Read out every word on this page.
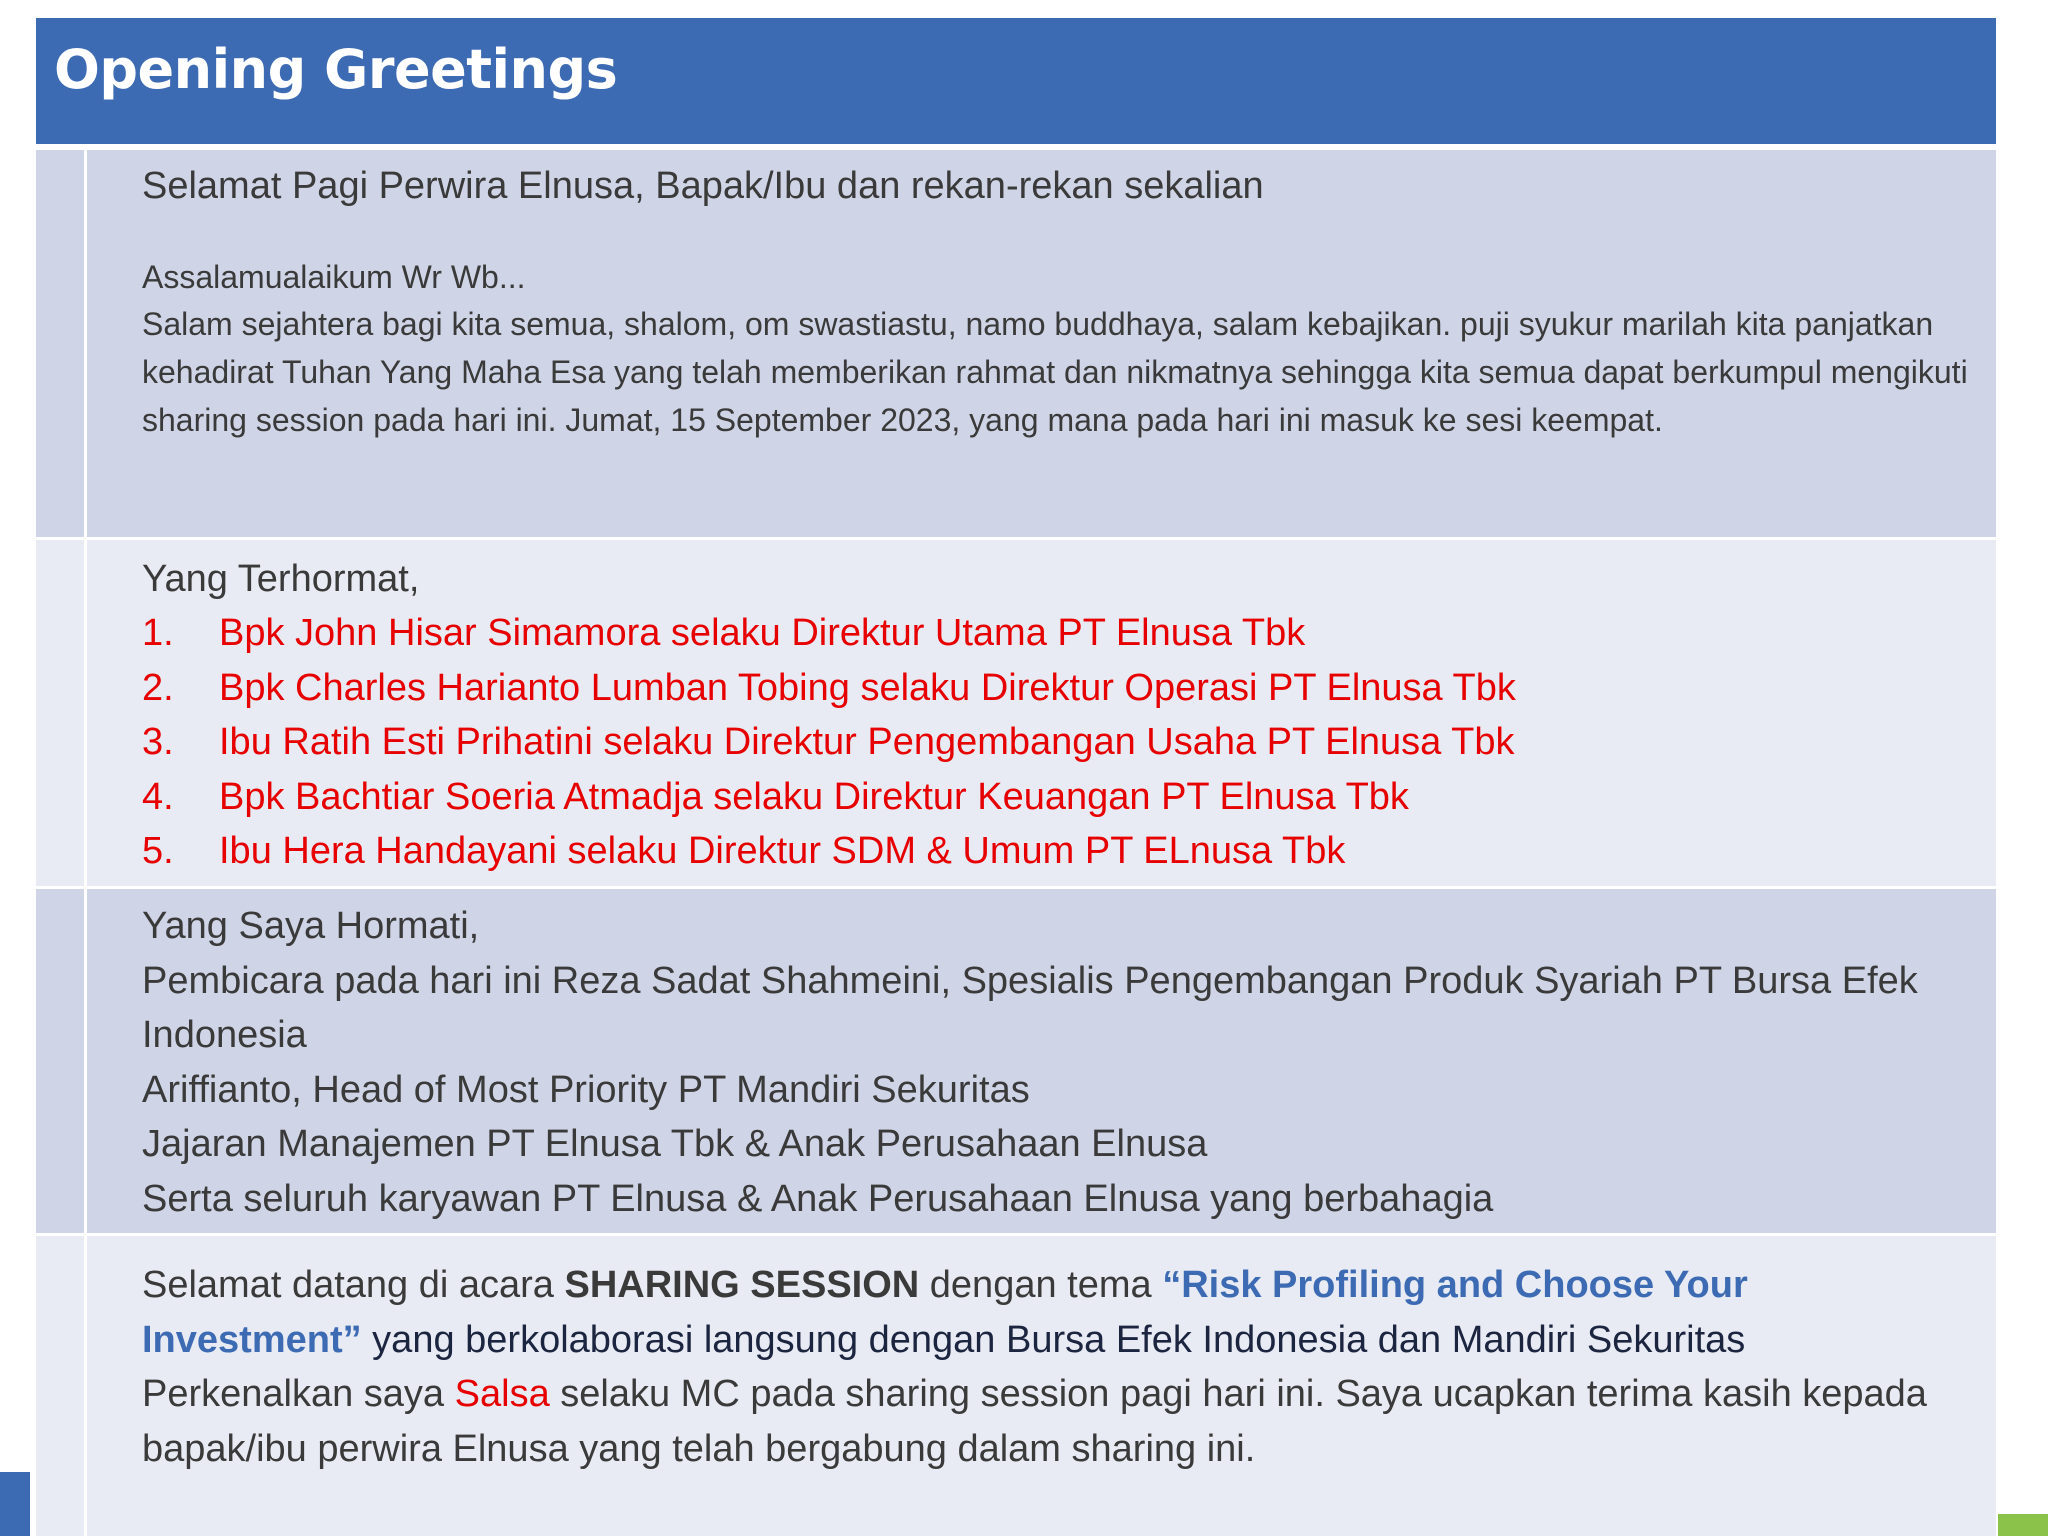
Opening Greetings

Selamat Pagi Perwira Elnusa, Bapak/Ibu dan rekan-rekan sekalian

Assalamualaikum Wr Wb...

Salam sejahtera bagi kita semua, shalom, om swastiastu, namo buddhaya, salam kebajikan. puji syukur marilah kita panjatkan kehadirat Tuhan Yang Maha Esa yang telah memberikan rahmat dan nikmatnya sehingga kita semua dapat berkumpul mengikuti sharing session pada hari ini. Jumat, 15 September 2023, yang mana pada hari ini masuk ke sesi keempat.

Yang Terhormat,

1. Bpk John Hisar Simamora selaku Direktur Utama PT Elnusa Tbk
2. Bpk Charles Harianto Lumban Tobing selaku Direktur Operasi PT Elnusa Tbk
3. Ibu Ratih Esti Prihatini selaku Direktur Pengembangan Usaha PT Elnusa Tbk
4. Bpk Bachtiar Soeria Atmadja selaku Direktur Keuangan PT Elnusa Tbk
5. Ibu Hera Handayani selaku Direktur SDM & Umum PT ELnusa Tbk

Yang Saya Hormati,

Pembicara pada hari ini Reza Sadat Shahmeini, Spesialis Pengembangan Produk Syariah PT Bursa Efek Indonesia

Ariffianto, Head of Most Priority PT Mandiri Sekuritas

Jajaran Manajemen PT Elnusa Tbk & Anak Perusahaan Elnusa

Serta seluruh karyawan PT Elnusa & Anak Perusahaan Elnusa yang berbahagia

Selamat datang di acara SHARING SESSION dengan tema “Risk Profiling and Choose Your Investment” yang berkolaborasi langsung dengan Bursa Efek Indonesia dan Mandiri Sekuritas

Perkenalkan saya Salsa selaku MC pada sharing session pagi hari ini. Saya ucapkan terima kasih kepada bapak/ibu perwira Elnusa yang telah bergabung dalam sharing ini.
